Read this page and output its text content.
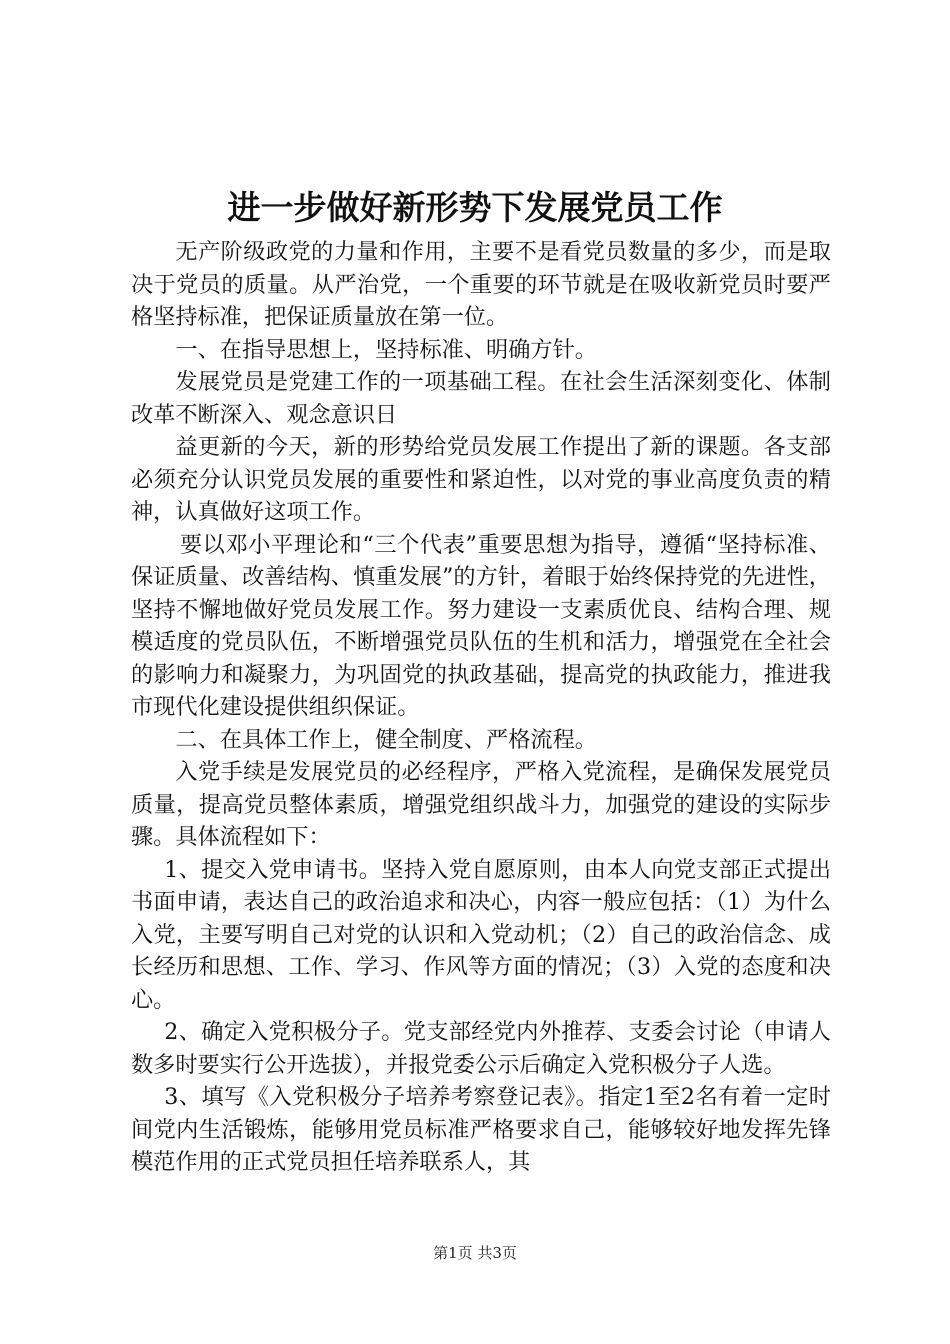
进一步做好新形势下发展党员工作

无产阶级政党的力量和作用，主要不是看党员数量的多少，而是取决于党员的质量。从严治党，一个重要的环节就是在吸收新党员时要严格坚持标准，把保证质量放在第一位。

一、在指导思想上，坚持标准、明确方针。

发展党员是党建工作的一项基础工程。在社会生活深刻变化、体制改革不断深入、观念意识日

益更新的今天，新的形势给党员发展工作提出了新的课题。各支部必须充分认识党员发展的重要性和紧迫性，以对党的事业高度负责的精神，认真做好这项工作。

要以邓小平理论和“三个代表”重要思想为指导，遵循“坚持标准、保证质量、改善结构、慎重发展”的方针，着眼于始终保持党的先进性，坚持不懈地做好党员发展工作。努力建设一支素质优良、结构合理、规模适度的党员队伍，不断增强党员队伍的生机和活力，增强党在全社会的影响力和凝聚力，为巩固党的执政基础，提高党的执政能力，推进我市现代化建设提供组织保证。

二、在具体工作上，健全制度、严格流程。

入党手续是发展党员的必经程序，严格入党流程，是确保发展党员质量，提高党员整体素质，增强党组织战斗力，加强党的建设的实际步骤。具体流程如下：

1、提交入党申请书。坚持入党自愿原则，由本人向党支部正式提出书面申请，表达自己的政治追求和决心，内容一般应包括：（1）为什么入党，主要写明自己对党的认识和入党动机；（2）自己的政治信念、成长经历和思想、工作、学习、作风等方面的情况；（3）入党的态度和决心。

2、确定入党积极分子。党支部经党内外推荐、支委会讨论（申请人数多时要实行公开选拔），并报党委公示后确定入党积极分子人选。

3、填写《入党积极分子培养考察登记表》。指定1至2名有着一定时间党内生活锻炼，能够用党员标准严格要求自己，能够较好地发挥先锋模范作用的正式党员担任培养联系人，其

第1页 共3页
